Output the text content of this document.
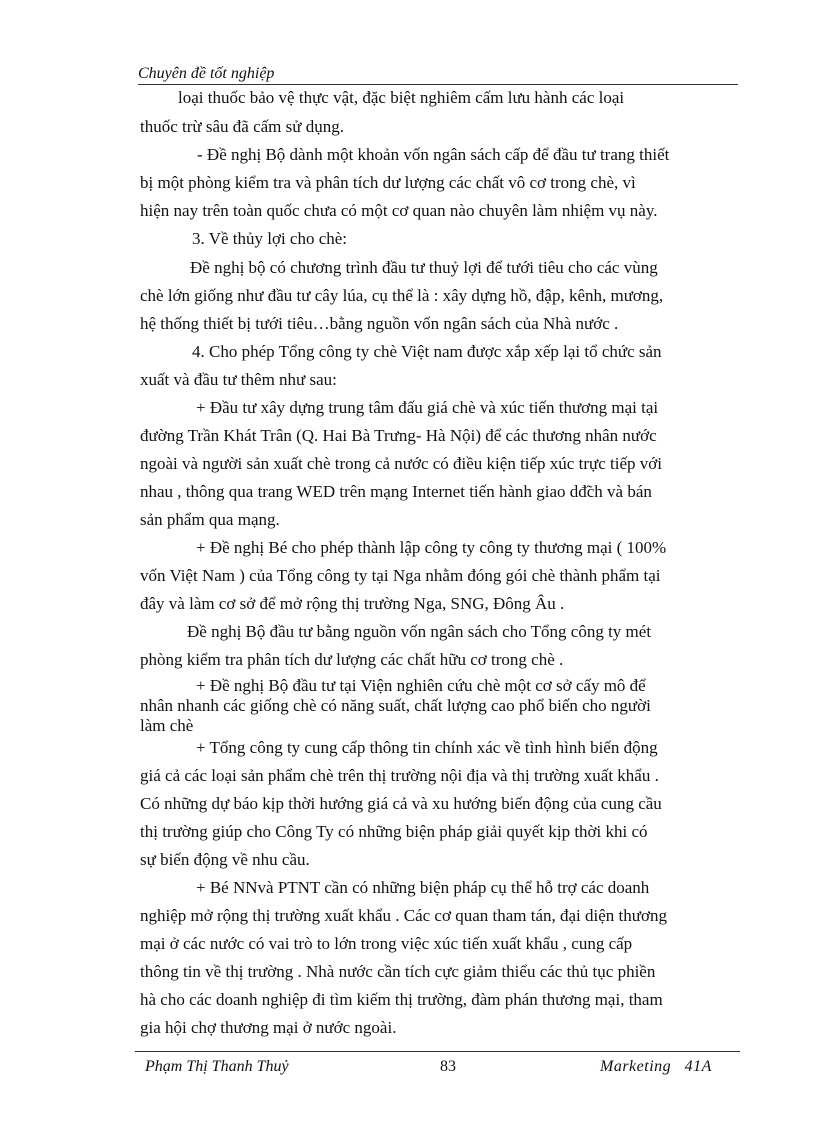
Chuyên đề tốt nghiệp
loại thuốc bảo vệ thực vật, đặc biệt nghiêm cấm lưu hành các loại
thuốc trừ sâu đã cấm sử dụng.
- Đề nghị Bộ dành một khoản vốn ngân sách cấp để đầu tư trang thiết
bị một phòng kiểm tra và phân tích dư lượng các chất vô cơ trong chè, vì
hiện nay trên toàn quốc chưa có một cơ quan nào chuyên làm nhiệm vụ này.
3. Về thủy lợi cho chè:
Đề nghị bộ có chương trình đầu tư thuỷ lợi để tưới tiêu cho các vùng
chè lớn giống như đầu tư cây lúa, cụ thể là : xây dựng hồ, đập, kênh, mương,
hệ thống thiết bị tưới tiêu…bằng nguồn vốn ngân sách của Nhà nước .
4. Cho phép Tổng công ty chè Việt nam được xắp xếp lại tổ chức sản
xuất và đầu tư thêm như sau:
+ Đầu tư xây dựng trung tâm đấu giá chè và xúc tiến thương mại tại
đường Trần Khát Trân (Q. Hai Bà Trưng- Hà Nội) để các thương nhân nước
ngoài và người sản xuất chè trong cả nước có điều kiện tiếp xúc trực tiếp với
nhau , thông qua trang WED trên mạng Internet tiến hành giao dđ̃ch và bán
sản phẩm qua mạng.
+ Đề nghị Bé cho phép thành lập công ty công ty thương mại ( 100%
vốn Việt Nam ) của Tổng công ty tại Nga nhằm đóng gói chè thành phẩm tại
đây và làm cơ sở để mở rộng thị trường Nga, SNG, Đông Âu .
Đề nghị Bộ đầu tư bằng nguồn vốn ngân sách cho Tổng công ty mét
phòng kiểm tra phân tích dư lượng các chất hữu cơ trong chè .
+ Đề nghị Bộ đầu tư tại Viện nghiên cứu chè một cơ sở cấy mô để
nhân nhanh các giống chè có năng suất, chất lượng cao phổ biến cho người
làm chè
+ Tổng công ty cung cấp thông tin chính xác về tình hình biến động
giá cả các loại sản phẩm chè trên thị trường nội địa và thị trường xuất khẩu .
Có những dự báo kịp thời hướng giá cả và xu hướng biến động của cung cầu
thị trường giúp cho Công Ty có những biện pháp giải quyết kịp thời khi có
sự biến động về nhu cầu.
+ Bé NNvà PTNT cần có những biện pháp cụ thể hỗ trợ các doanh
nghiệp mở rộng thị trường xuất khẩu . Các cơ quan tham tán, đại diện thương
mại ở các nước có vai trò to lớn trong việc xúc tiến xuất khẩu , cung cấp
thông tin về thị trường . Nhà nước cần tích cực giảm thiểu các thủ tục phiền
hà cho các doanh nghiệp đi tìm kiếm thị trường, đàm phán thương mại, tham
gia hội chợ thương mại ở nước ngoài.
Phạm Thị Thanh Thuỷ	83	Marketing   41A
